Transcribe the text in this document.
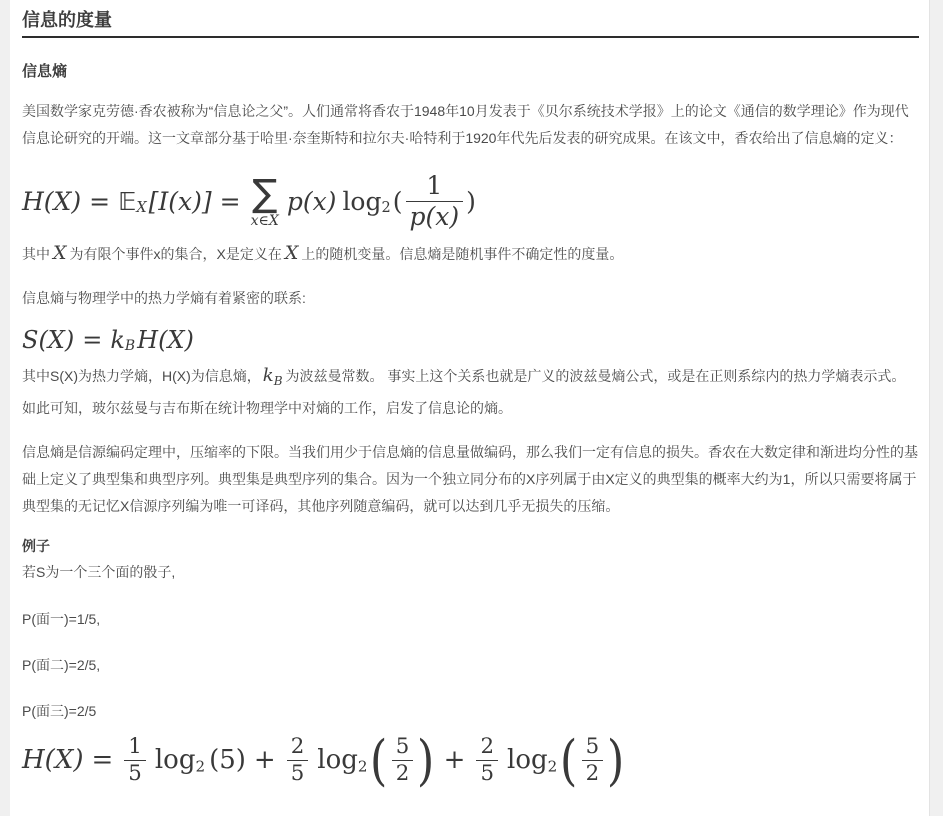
信息的度量
信息熵

美国数学家克劳德·香农被称为“信息论之父”。人们通常将香农于1948年10月发表于《贝尔系统技术学报》上的论文《通信的数学理论》作为现代信息论研究的开端。这一文章部分基于哈里·奈奎斯特和拉尔夫·哈特利于1920年代先后发表的研究成果。在该文中，香农给出了信息熵的定义：

H(X) = 𝔼 X [I(x)] = ∑
x∈X
p(x) log 2 ( $\frac{1}{p(x)}$ )

其中 X 为有限个事件x的集合，X是定义在 X 上的随机变量。信息熵是随机事件不确定性的度量。

信息熵与物理学中的热力学熵有着紧密的联系:

S(X) = k B H(X)

其中S(X)为热力学熵，H(X)为信息熵， kB 为波兹曼常数。 事实上这个关系也就是广义的波兹曼熵公式，或是在正则系综内的热力学熵表示式。如此可知，玻尔兹曼与吉布斯在统计物理学中对熵的工作，启发了信息论的熵。

信息熵是信源编码定理中，压缩率的下限。当我们用少于信息熵的信息量做编码，那么我们一定有信息的损失。香农在大数定律和渐进均分性的基础上定义了典型集和典型序列。典型集是典型序列的集合。因为一个独立同分布的X序列属于由X定义的典型集的概率大约为1，所以只需要将属于典型集的无记忆X信源序列编为唯一可译码，其他序列随意编码，就可以达到几乎无损失的压缩。

例子

若S为一个三个面的骰子,

P(面一)=1/5,

P(面二)=2/5,

P(面三)=2/5

$H(X) = \frac{1}{5}$ log 2 $(5) + \frac{2}{5}$ log 2 ( $\frac{5}{2}$ ) + $\frac{2}{5}$ log 2 ( $\frac{5}{2}$ )
